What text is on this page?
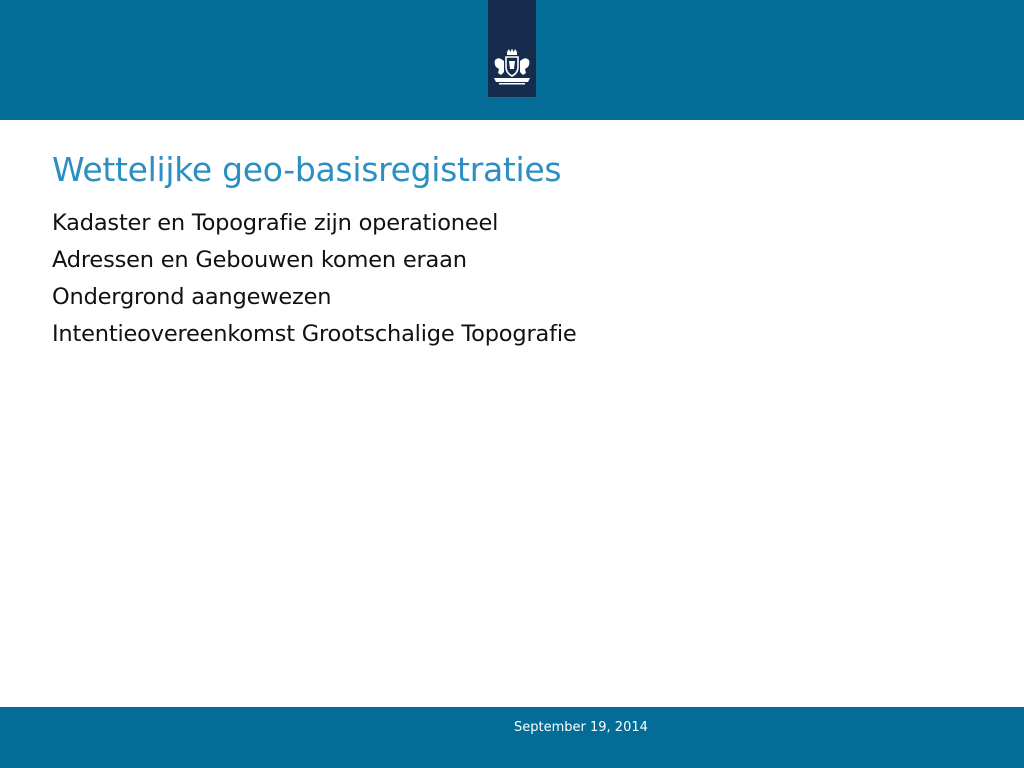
Wettelijke geo-basisregistraties
Kadaster en Topografie zijn operationeel
Adressen en Gebouwen komen eraan
Ondergrond aangewezen
Intentieovereenkomst Grootschalige Topografie
September 19, 2014
